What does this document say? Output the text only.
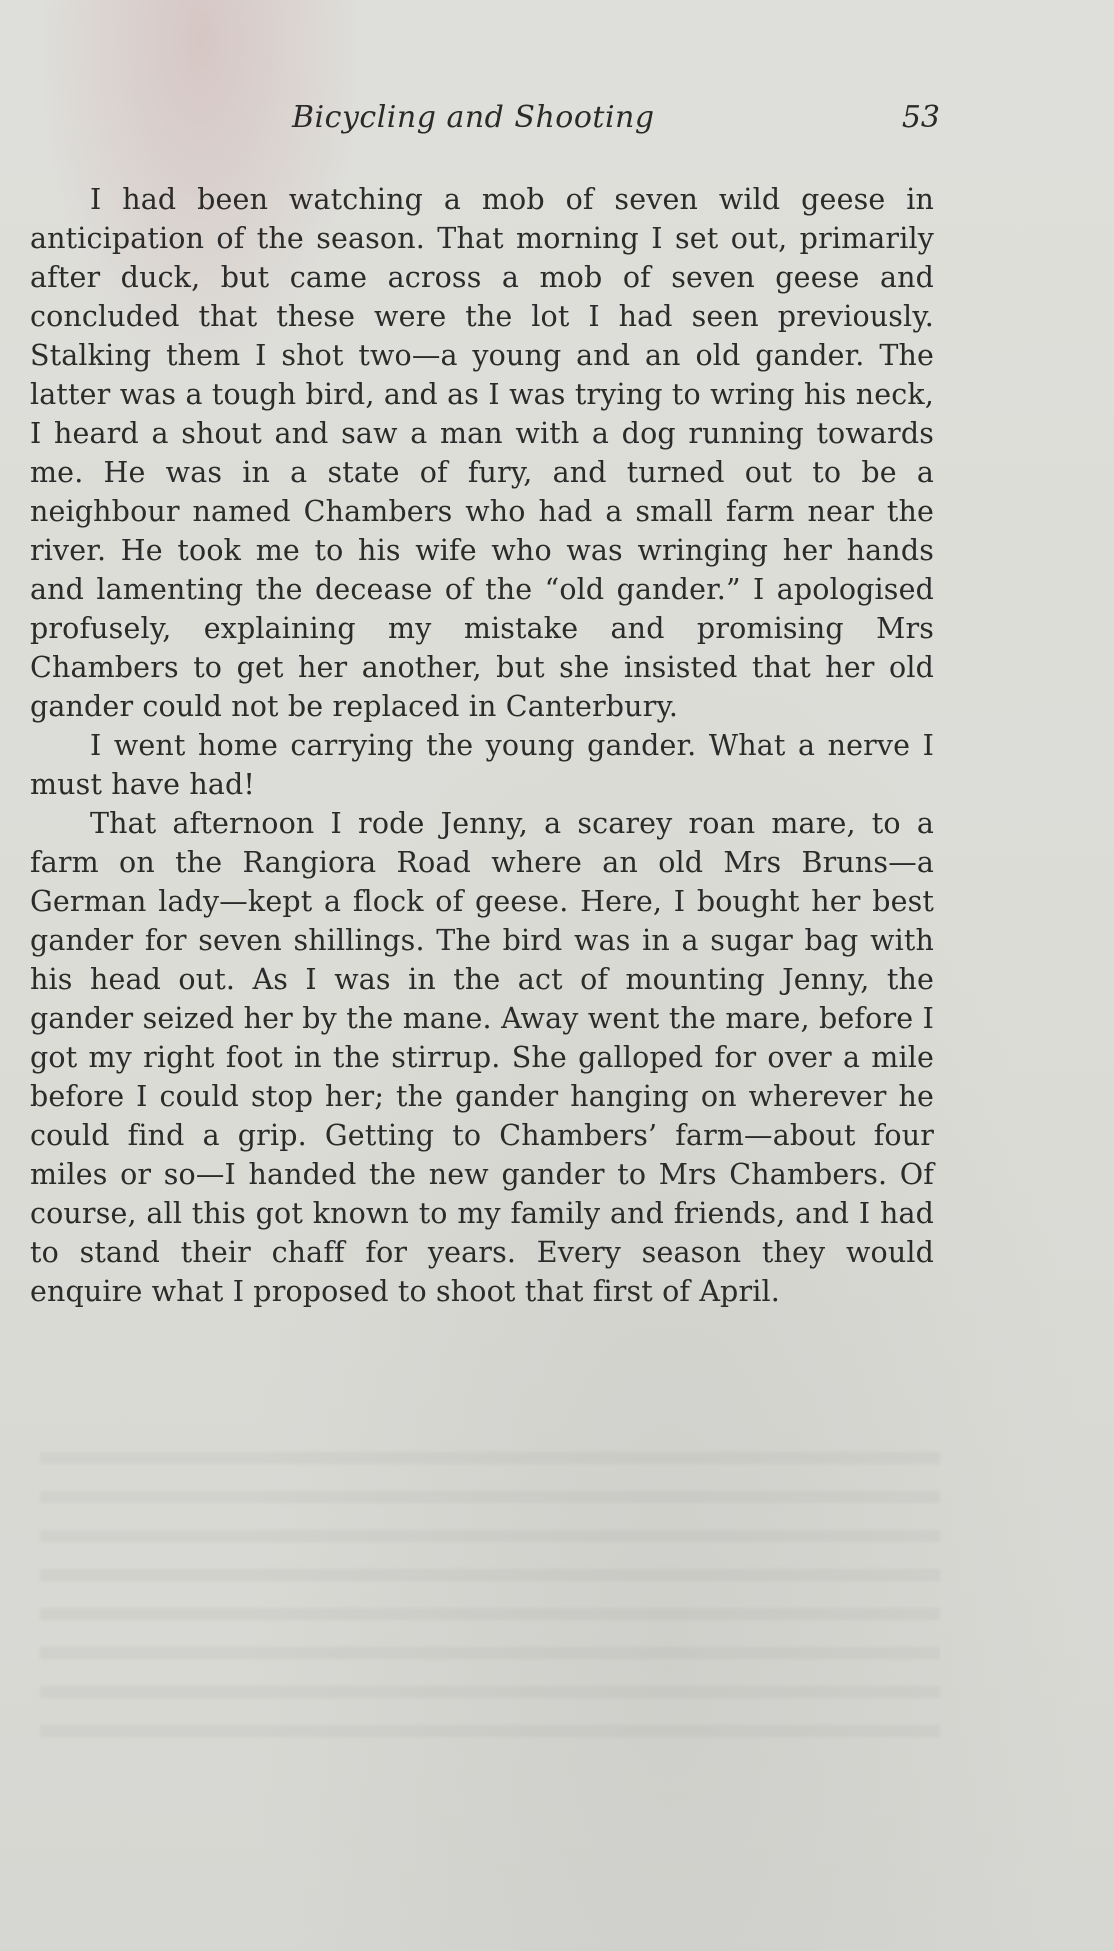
Bicycling and Shooting	53

I had been watching a mob of seven wild geese in anticipation of the season. That morning I set out, primarily after duck, but came across a mob of seven geese and concluded that these were the lot I had seen previously. Stalking them I shot two—a young and an old gander. The latter was a tough bird, and as I was trying to wring his neck, I heard a shout and saw a man with a dog running towards me. He was in a state of fury, and turned out to be a neighbour named Chambers who had a small farm near the river. He took me to his wife who was wringing her hands and lamenting the decease of the “old gander.” I apologised profusely, explaining my mistake and promising Mrs Chambers to get her another, but she insisted that her old gander could not be replaced in Canterbury.

I went home carrying the young gander. What a nerve I must have had!

That afternoon I rode Jenny, a scarey roan mare, to a farm on the Rangiora Road where an old Mrs Bruns—a German lady—kept a flock of geese. Here, I bought her best gander for seven shillings. The bird was in a sugar bag with his head out. As I was in the act of mounting Jenny, the gander seized her by the mane. Away went the mare, before I got my right foot in the stirrup. She galloped for over a mile before I could stop her; the gander hanging on wherever he could find a grip. Getting to Chambers’ farm—about four miles or so—I handed the new gander to Mrs Chambers. Of course, all this got known to my family and friends, and I had to stand their chaff for years. Every season they would enquire what I proposed to shoot that first of April.
